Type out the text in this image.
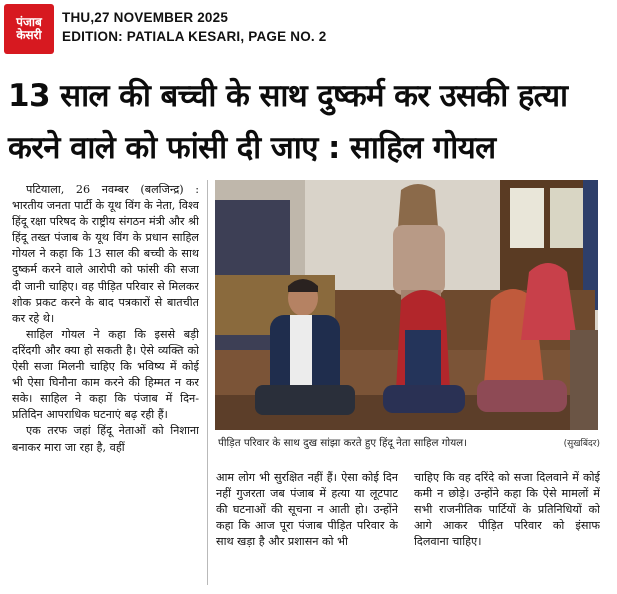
पंजाब
केसरी
THU,27 NOVEMBER 2025
EDITION: PATIALA KESARI, PAGE NO. 2
13 साल की बच्ची के साथ दुष्कर्म कर उसकी हत्या
करने वाले को फांसी दी जाए : साहिल गोयल

पटियाला, 26 नवम्बर (बलजिन्द्र) : भारतीय जनता पार्टी के यूथ विंग के नेता, विश्व हिंदू रक्षा परिषद के राष्ट्रीय संगठन मंत्री और श्री हिंदू तख्त पंजाब के यूथ विंग के प्रधान साहिल गोयल ने कहा कि 13 साल की बच्ची के साथ दुष्कर्म करने वाले आरोपी को फांसी की सजा दी जानी चाहिए। वह पीड़ित परिवार से मिलकर शोक प्रकट करने के बाद पत्रकारों से बातचीत कर रहे थे।

साहिल गोयल ने कहा कि इससे बड़ी दरिंदगी और क्या हो सकती है। ऐसे व्यक्ति को ऐसी सजा मिलनी चाहिए कि भविष्य में कोई भी ऐसा घिनौना काम करने की हिम्मत न कर सके। साहिल ने कहा कि पंजाब में दिन-प्रतिदिन आपराधिक घटनाएं बढ़ रही हैं।

एक तरफ जहां हिंदू नेताओं को निशाना बनाकर मारा जा रहा है, वहीं	पीड़ित परिवार के साथ दुख सांझा करते हुए हिंदू नेता साहिल गोयल।	(सुखबिंदर)

आम लोग भी सुरक्षित नहीं हैं। ऐसा कोई दिन नहीं गुजरता जब पंजाब में हत्या या लूटपाट की घटनाओं की सूचना न आती हो। उन्होंने कहा कि आज पूरा पंजाब पीड़ित परिवार के साथ खड़ा है और प्रशासन को भी

चाहिए कि वह दरिंदे को सजा दिलवाने में कोई कमी न छोड़े। उन्होंने कहा कि ऐसे मामलों में सभी राजनीतिक पार्टियों के प्रतिनिधियों को आगे आकर पीड़ित परिवार को इंसाफ दिलवाना चाहिए।
